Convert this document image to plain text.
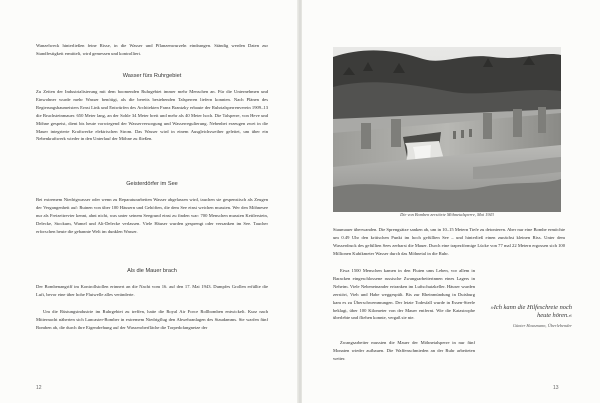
Wanzelweck hinterließen feine Risse, in die Wasser und Pflanzenwurzeln eindrangen. Ständig werden Daten zur Standfestigkeit ermittelt, wird gemessen und kontrolliert.

Wasser fürs Ruhrgebiet

Zu Zeiten der Industrialisierung mit dem boomenden Ruhrgebiet immer mehr Menschen an. Für die Unternehmen und Einwohner wurde mehr Wasser benötigt, als die bereits bestehenden Talsperren liefern konnten. Nach Plänen des Regierungsbaumeisters Ernst Link und Entwürfen des Architekten Franz Brantzky erbaute der Ruhrtalsperrenverein 1909–13 die Bruchsteinmauer. 650 Meter lang, an der Sohle 34 Meter breit und mehr als 40 Meter hoch. Die Talsperre, von Heve und Möhne gespeist, dient bis heute vorwiegend der Wasserversorgung und Wasserregulierung. Nebenbei erzeugen zwei in die Mauer integrierte Kraftwerke elektrischen Strom. Das Wasser wird in einem Ausgleichsweiher geleitet, um über ein Nebenkraftwerk wieder in den Unterlauf der Möhne zu fließen.

Geisterdörfer im See

Bei extremem Niedrigwasser oder wenn zu Reparaturarbeiten Wasser abgelassen wird, tauchen sie gespenstisch als Zeugen der Vergangenheit auf: Ruinen von über 100 Häusern und Gehöften, die dem See einst weichen mussten. Wer den Möhnesee nur als Freizeitrevier kennt, ahnt nicht, was unter seinem Seegrund einst zu finden war: 700 Menschen mussten Kettlerstein, Delecke, Stockum, Wamel und Alt-Delecke verlassen. Viele Häuser wurden gesprengt oder versanken im See. Taucher erforschen heute die gebannte Welt im dunklen Wasser.

Als die Mauer brach

Der Bombenangriff im Kontrollstollen erinnert an die Nacht vom 16. auf den 17. Mai 1943. Dumpfes Grollen erfüllte die Luft, bevor eine über hohe Flutwelle alles veränderte.

Um die Rüstungsindustrie im Ruhrgebiet zu treffen, hatte die Royal Air Force Rollbomben entwickelt. Kurz nach Mitternacht näherten sich Lancaster-Bomber in extremem Niedrigflug den Abwehranlagen des Staudamms. Sie warfen fünf Bomben ab, die durch ihre Eigendrehung auf der Wasseroberfläche die Torpedofangnetze der

12

Die von Bomben zerstörte Möhnetalsperre, Mai 1943

Staumauer überwanden. Die Sprengsätze sanken ab, um in 10–15 Metern Tiefe zu detonieren. Aber nur eine Bombe ermöchte um 0.49 Uhr den kritischen Punkt im hoch gefüllten See – und hinterließ einen zunächst kleinen Riss. Unter dem Wasserdruck des gefüllten Sees zerbarst die Mauer. Durch eine trapezförmige Lücke von 77 mal 22 Metern ergossen sich 100 Millionen Kubikmeter Wasser durch das Möhnetal in die Ruhr.

Etwa 1500 Menschen kamen in den Fluten ums Leben, vor allem in Baracken eingeschlossene russische Zwangsarbeiterinnen eines Lagers in Neheim. Viele Nebeneinander ertranken im Luftschutzkeller. Häuser wurden zerstört, Vieh und Habe weggespült. Bis zur Rheinmündung in Duisburg kam es zu Überschwemmungen. Der letzte Todesfall wurde in Essen-Steele beklagt, über 100 Kilometer von der Mauer entfernt. Wie die Katastrophe überlebte und fliehen konnte, vergaß sie nie.

Zwangsarbeiter mussten die Mauer der Möhnetalsperre in nur fünf Monaten wieder aufbauen. Die Waffenschmieden an der Ruhr arbeiteten weiter.

»Ich kann die Hilfeschreie noch heute hören.«

Günter Hausmann, Überlebender

13
